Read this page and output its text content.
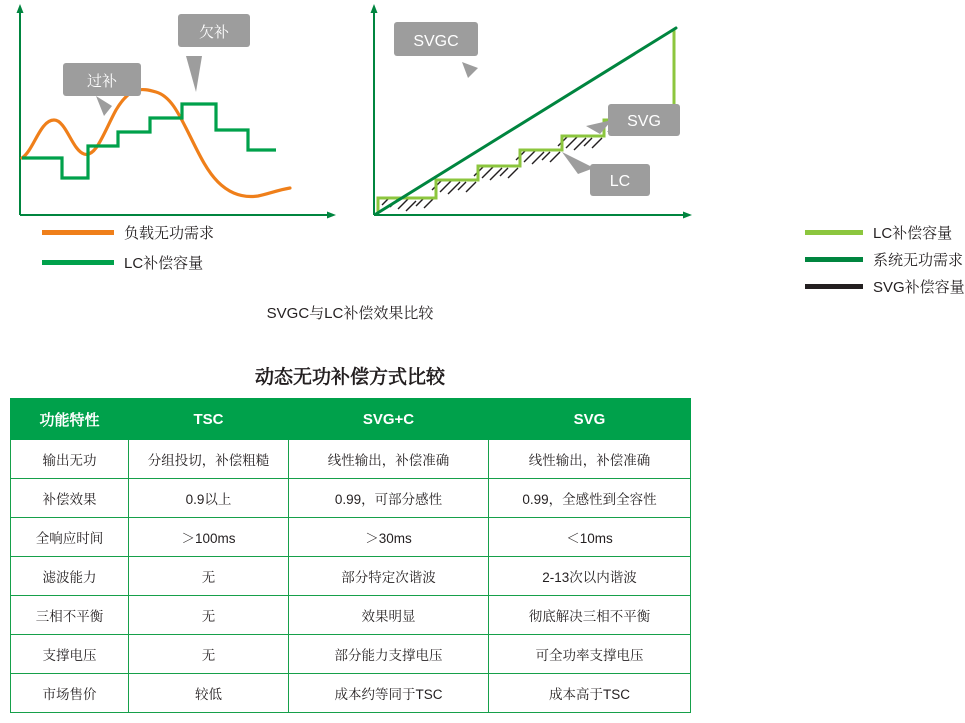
过补
欠补
负载无功需求
LC补偿容量
SVGC
SVG
LC
LC补偿容量
系统无功需求
SVG补偿容量
SVGC与LC补偿效果比较
动态无功补偿方式比较
功能特性	TSC	SVG+C	SVG
输出无功	分组投切，补偿粗糙	线性输出，补偿准确	线性输出，补偿准确
补偿效果	0.9以上	0.99，可部分感性	0.99，全感性到全容性
全响应时间	＞100ms	＞30ms	＜10ms
滤波能力	无	部分特定次谐波	2-13次以内谐波
三相不平衡	无	效果明显	彻底解决三相不平衡
支撑电压	无	部分能力支撑电压	可全功率支撑电压
市场售价	较低	成本约等同于TSC	成本高于TSC
